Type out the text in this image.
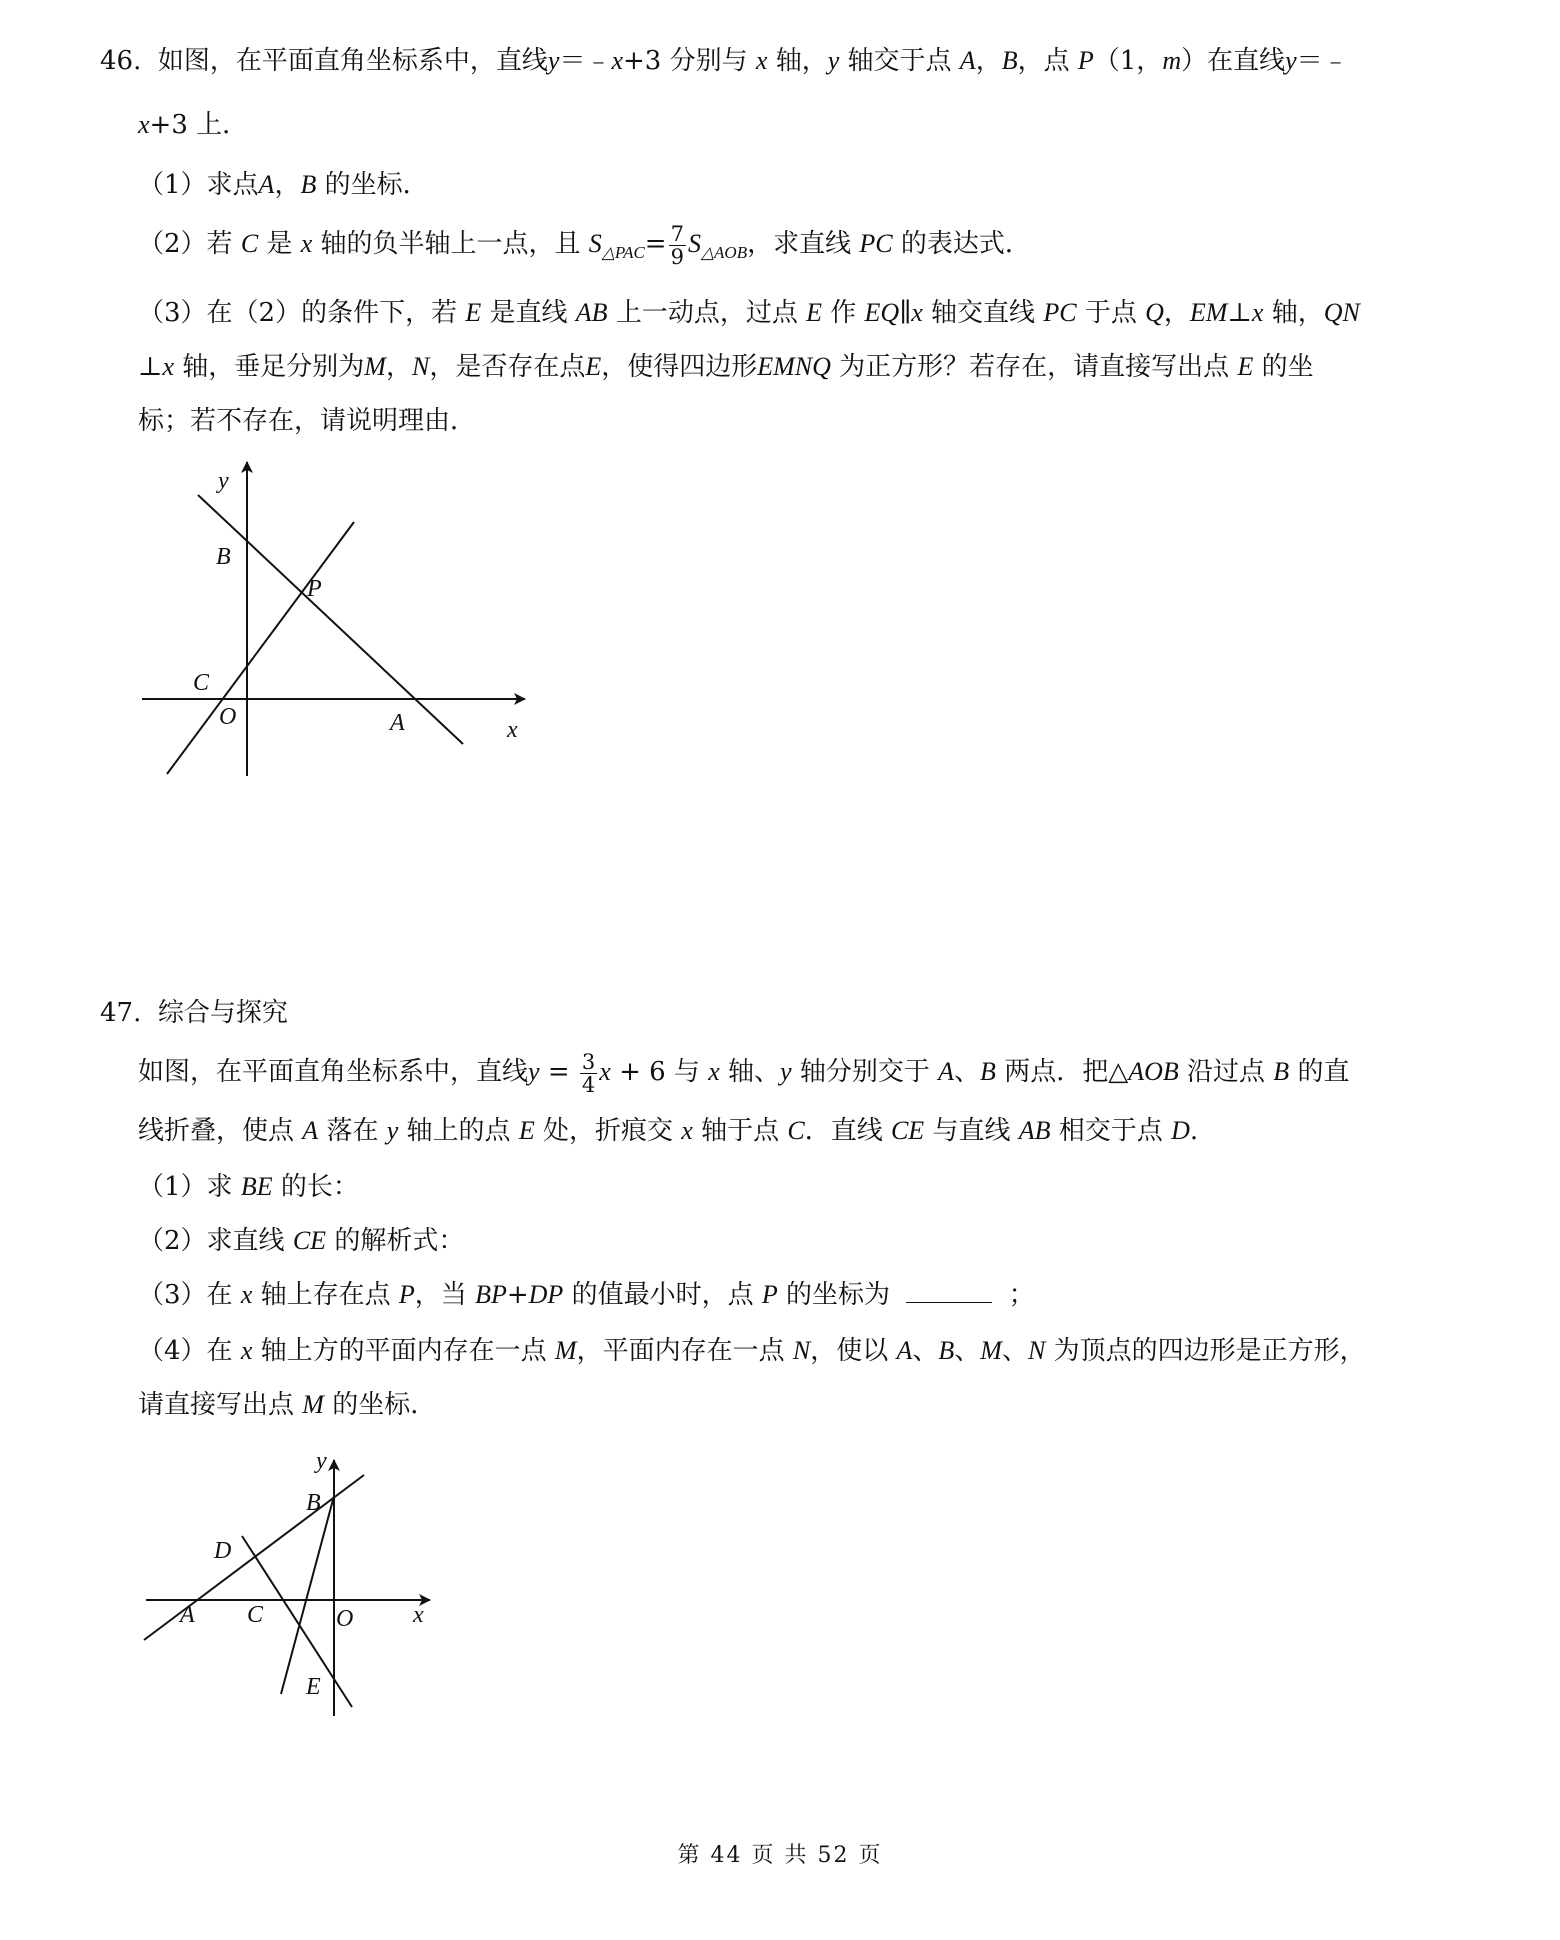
46. 如图，在平面直角坐标系中，直线y＝﹣x+3 分别与 x 轴，y 轴交于点 A，B，点 P（1，m）在直线y＝﹣
x+3 上．
（1）求点A，B 的坐标．
（2）若 C 是 x 轴的负半轴上一点，且 $S_{\triangle PAC}= \frac{7}{9} S_{\triangle AOB}$，求直线 PC 的表达式．
（3）在（2）的条件下，若 E 是直线 AB 上一动点，过点 E 作 EQ∥x 轴交直线 PC 于点 Q，EM⊥x 轴，QN
⊥x 轴，垂足分别为M，N，是否存在点E，使得四边形EMNQ 为正方形？若存在，请直接写出点 E 的坐
标；若不存在，请说明理由．
y
B
P
C
O	A	x
47. 综合与探究
如图，在平面直角坐标系中，直线$y = \frac{3}{4}$ x + 6 与 x 轴、y 轴分别交于 A、B 两点．把△AOB 沿过点 B 的直
线折叠，使点 A 落在 y 轴上的点 E 处，折痕交 x 轴于点 C．直线 CE 与直线 AB 相交于点 D.
（1）求 BE 的长：
（2）求直线 CE 的解析式：
（3）在 x 轴上存在点 P，当 BP+DP 的值最小时，点 P 的坐标为	；
（4）在 x 轴上方的平面内存在一点 M，平面内存在一点 N，使以 A、B、M、N 为顶点的四边形是正方形，
请直接写出点 M 的坐标．
y
B
D
A C	O x
E
第 44 页 共 52 页
